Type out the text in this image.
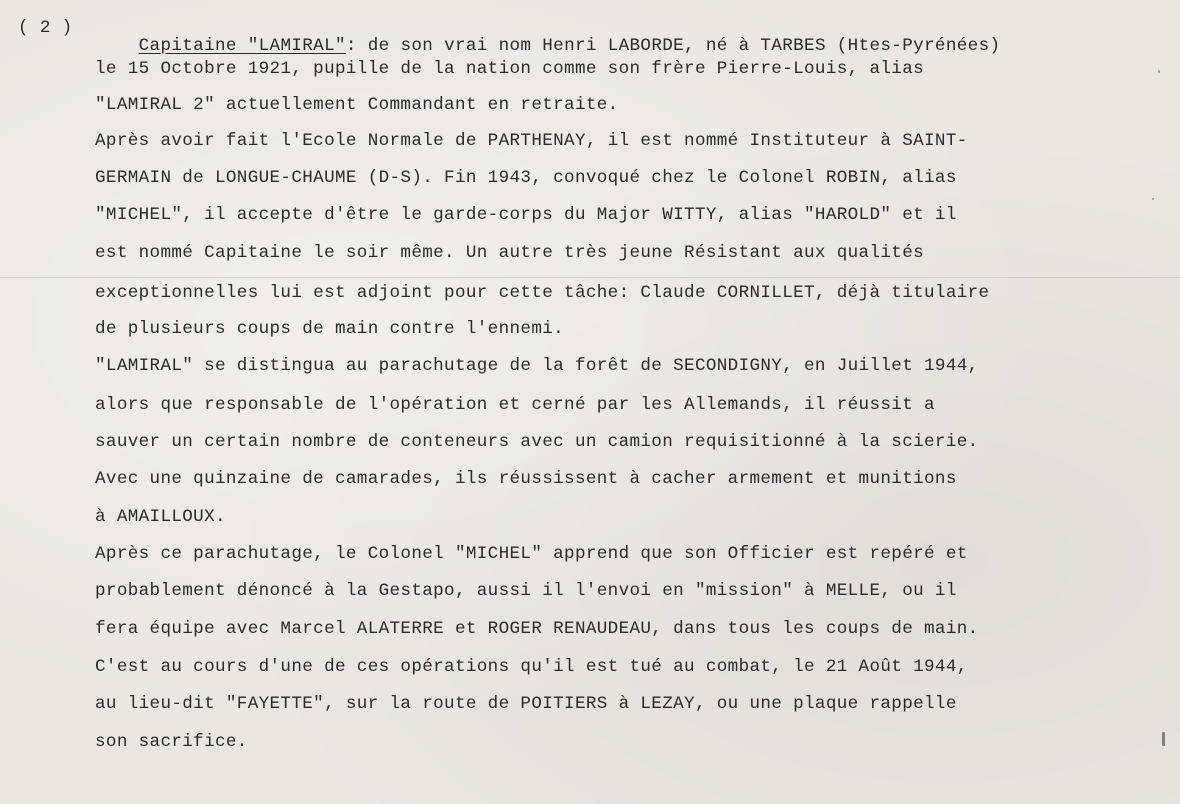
( 2 )

Capitaine "LAMIRAL": de son vrai nom Henri LABORDE, né à TARBES (Htes-Pyrénées)

le 15 Octobre 1921, pupille de la nation comme son frère Pierre-Louis, alias
"LAMIRAL 2" actuellement Commandant en retraite.
Après avoir fait l'Ecole Normale de PARTHENAY, il est nommé Instituteur à SAINT-
GERMAIN de LONGUE-CHAUME (D-S). Fin 1943, convoqué chez le Colonel ROBIN, alias
"MICHEL", il accepte d'être le garde-corps du Major WITTY, alias "HAROLD" et il
est nommé Capitaine le soir même. Un autre très jeune Résistant aux qualités
exceptionnelles lui est adjoint pour cette tâche: Claude CORNILLET, déjà titulaire
de plusieurs coups de main contre l'ennemi.
"LAMIRAL" se distingua au parachutage de la forêt de SECONDIGNY, en Juillet 1944,
alors que responsable de l'opération et cerné par les Allemands, il réussit a
sauver un certain nombre de conteneurs avec un camion requisitionné à la scierie.
Avec une quinzaine de camarades, ils réussissent à cacher armement et munitions
à AMAILLOUX.
Après ce parachutage, le Colonel "MICHEL" apprend que son Officier est repéré et
probablement dénoncé à la Gestapo, aussi il l'envoi en "mission" à MELLE, ou il
fera équipe avec Marcel ALATERRE et ROGER RENAUDEAU, dans tous les coups de main.
C'est au cours d'une de ces opérations qu'il est tué au combat, le 21 Août 1944,
au lieu-dit "FAYETTE", sur la route de POITIERS à LEZAY, ou une plaque rappelle
son sacrifice.
